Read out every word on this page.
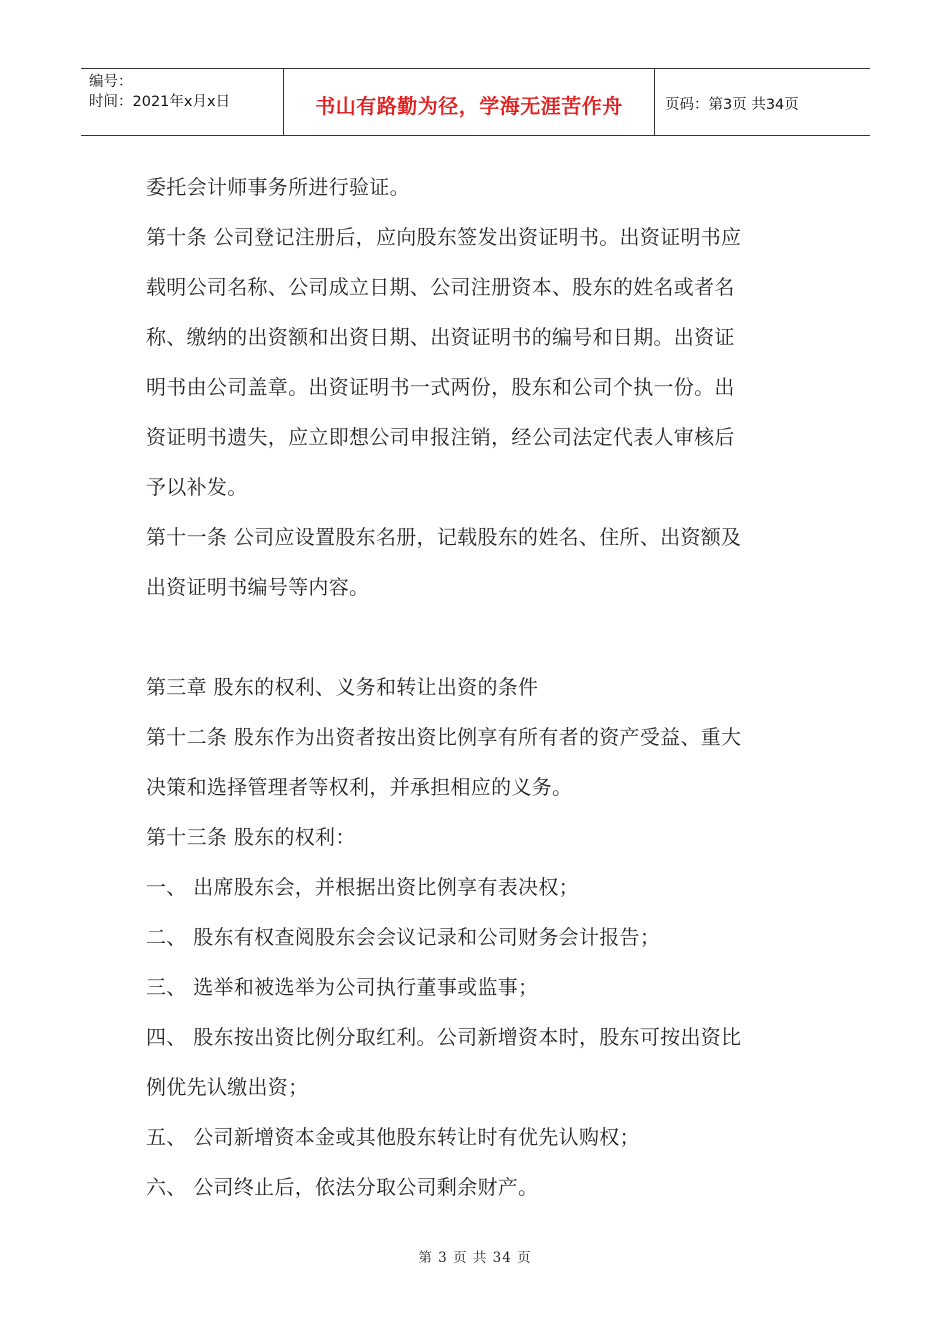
编号：
时间：2021年x月x日	书山有路勤为径，学海无涯苦作舟	页码：第3页 共34页
委托会计师事务所进行验证。
第十条 公司登记注册后，应向股东签发出资证明书。出资证明书应
载明公司名称、公司成立日期、公司注册资本、股东的姓名或者名
称、缴纳的出资额和出资日期、出资证明书的编号和日期。出资证
明书由公司盖章。出资证明书一式两份，股东和公司个执一份。出
资证明书遗失，应立即想公司申报注销，经公司法定代表人审核后
予以补发。
第十一条 公司应设置股东名册，记载股东的姓名、住所、出资额及
出资证明书编号等内容。
第三章 股东的权利、义务和转让出资的条件
第十二条 股东作为出资者按出资比例享有所有者的资产受益、重大
决策和选择管理者等权利，并承担相应的义务。
第十三条 股东的权利：
一、 出席股东会，并根据出资比例享有表决权；
二、 股东有权查阅股东会会议记录和公司财务会计报告；
三、 选举和被选举为公司执行董事或监事；
四、 股东按出资比例分取红利。公司新增资本时，股东可按出资比
例优先认缴出资；
五、 公司新增资本金或其他股东转让时有优先认购权；
六、 公司终止后，依法分取公司剩余财产。
第 3 页 共 34 页
